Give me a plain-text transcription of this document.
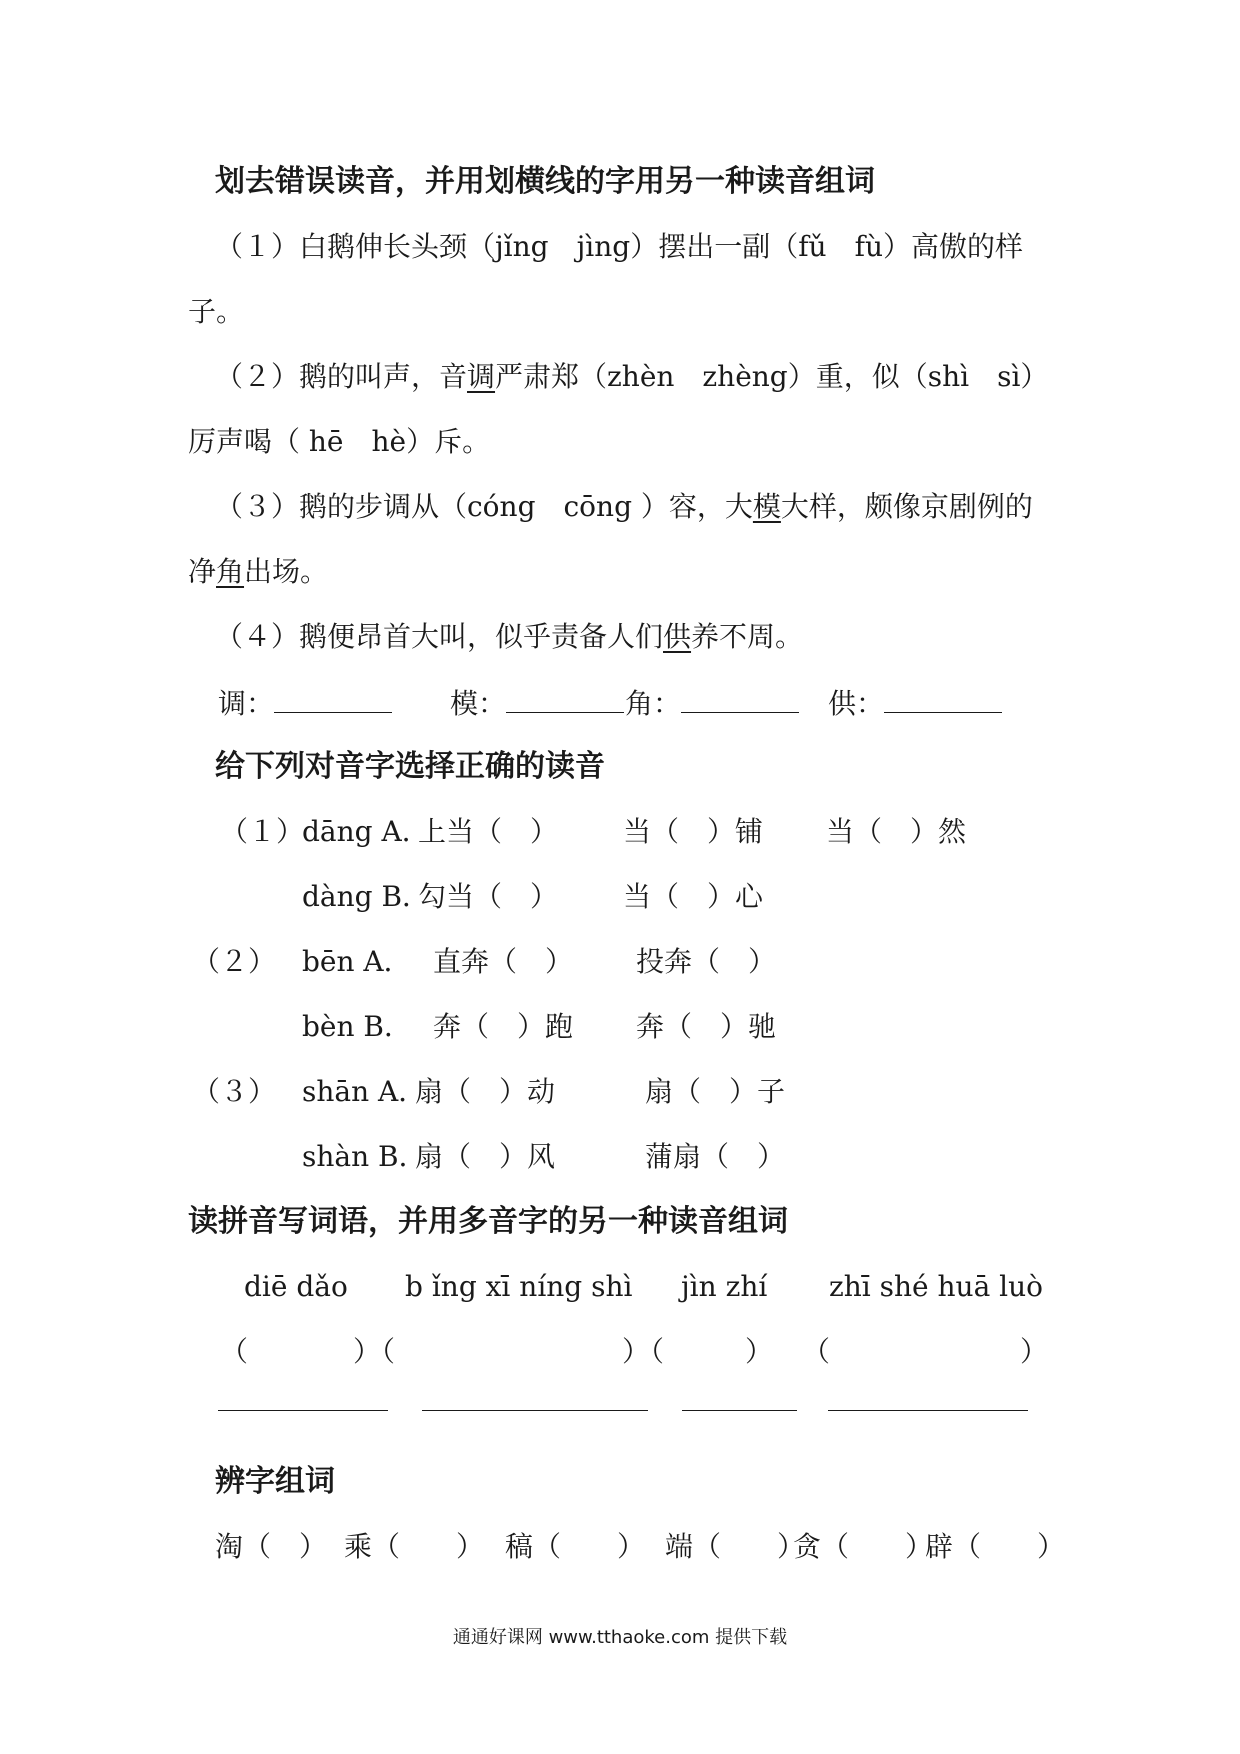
划去错误读音，并用划横线的字用另一种读音组词
（１）白鹅伸长头颈（jǐng　jìng）摆出一副（fǔ　fù）高傲的样
子。
（２）鹅的叫声，音调严肃郑（zhèn　zhèng）重，似（shì　sì）
厉声喝（ hē　hè）斥。
（３）鹅的步调从（cóng　cōng ）容，大模大样，颇像京剧例的
净角出场。
（４）鹅便昂首大叫，似乎责备人们供养不周。
调：	模：	角：	供：
给下列对音字选择正确的读音
（１）
dāng A．
上当（　） 当（　）铺 当（　）然
dàng B．
勾当（　） 当（　）心
（２） bēn A． 直奔（　） 投奔（　）
bèn B． 奔（　）跑 奔（　）驰
（３） shān A．
扇（　）动	扇（　）子
shàn B．
扇（　）风	蒲扇（　）
读拼音写词语，并用多音字的另一种读音组词
diē dǎo b ǐng xī níng shì jìn zhí zhī shé huā luò
（	）（	）（	） （	）
辨字组词
淘（　） 乘（　　） 稿（　　） 端（　　）
贪（　　）
辟（　　）
通通好课网 www.tthaoke.com 提供下载
